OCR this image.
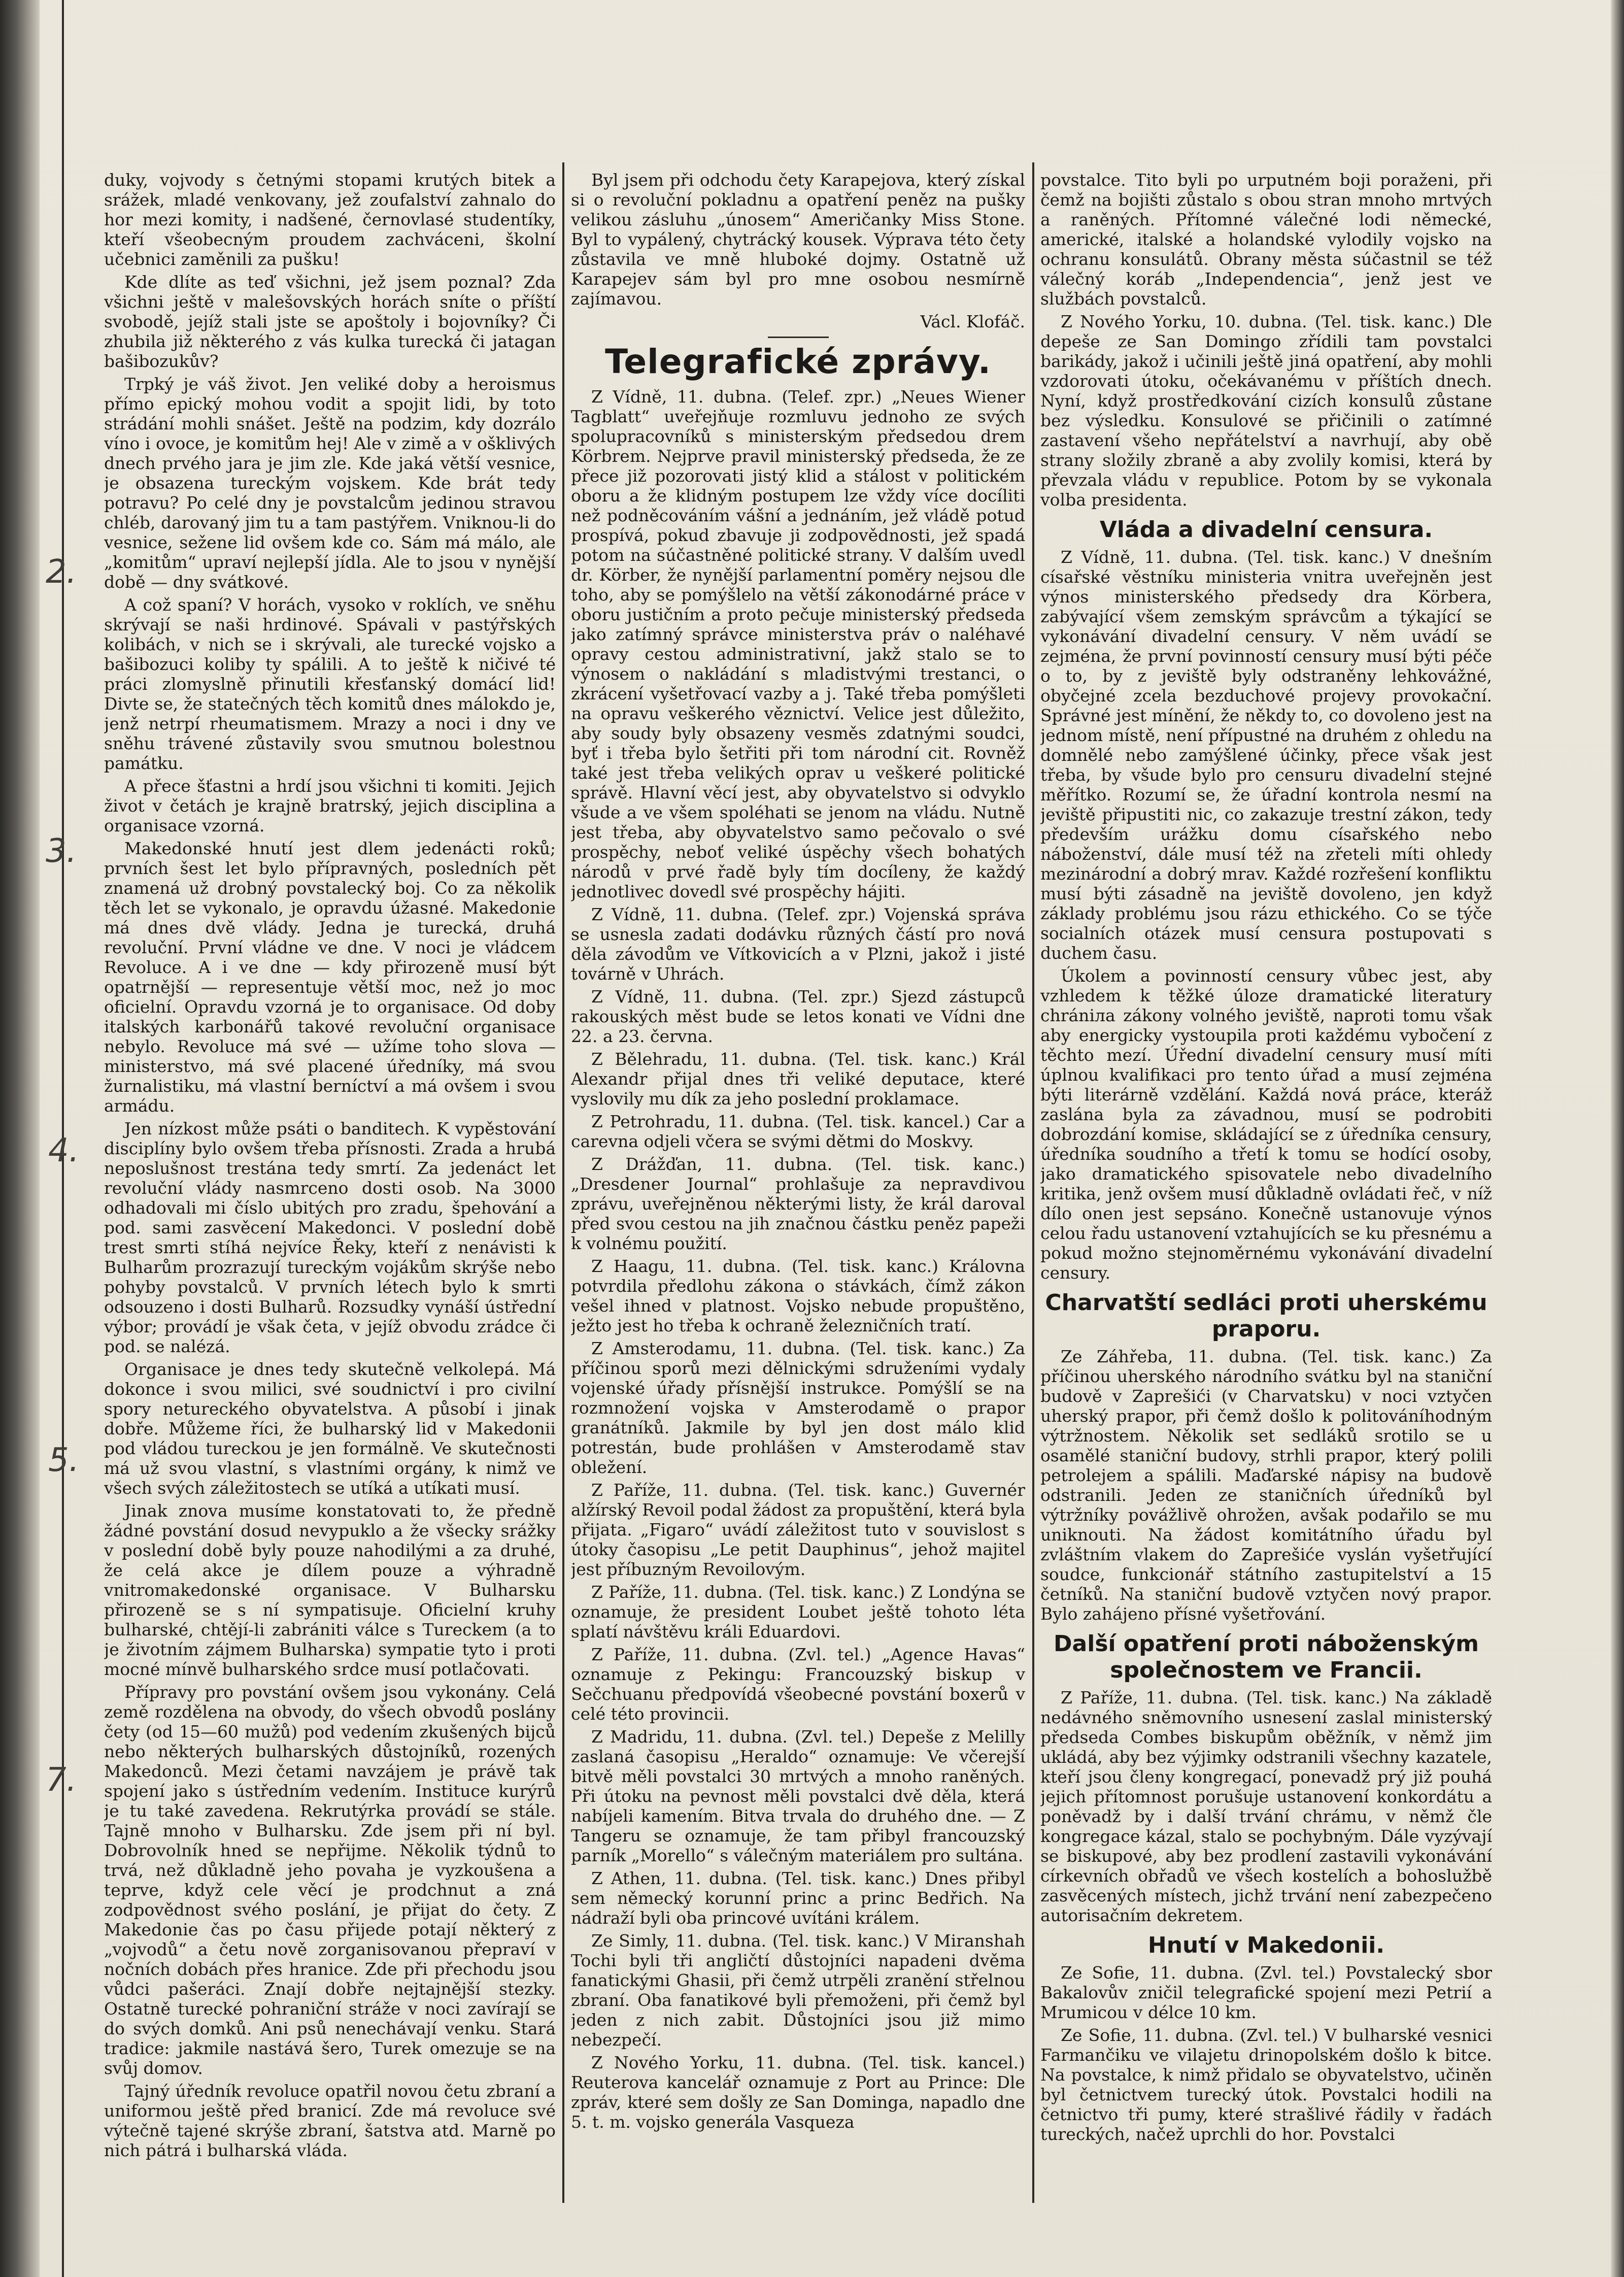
2.
3.
4.
5.
7.

duky, vojvody s četnými stopami krutých bitek a srážek, mladé venkovany, jež zoufalství zahnalo do hor mezi komity, i nadšené, černovlasé studentíky, kteří všeobecným proudem zachváceni, školní učebnici zaměnili za pušku!

Kde dlíte as teď všichni, jež jsem poznal? Zda všichni ještě v malešovských horách sníte o příští svobodě, jejíž stali jste se apoštoly i bojovníky? Či zhubila již některého z vás kulka turecká či jatagan bašibozukův?

Trpký je váš život. Jen veliké doby a heroismus přímo epický mohou vodit a spojit lidi, by toto strádání mohli snášet. Ještě na podzim, kdy dozrálo víno i ovoce, je komitům hej! Ale v zimě a v ošklivých dnech prvého jara je jim zle. Kde jaká větší vesnice, je obsazena tureckým vojskem. Kde brát tedy potravu? Po celé dny je povstalcům jedinou stravou chléb, darovaný jim tu a tam pastýřem. Vniknou-li do vesnice, sežene lid ovšem kde co. Sám má málo, ale „komitům“ upraví nejlepší jídla. Ale to jsou v nynější době — dny svátkové.

A což spaní? V horách, vysoko v roklích, ve sněhu skrývají se naši hrdinové. Spávali v pastýřských kolibách, v nich se i skrývali, ale turecké vojsko a bašibozuci koliby ty spálili. A to ještě k ničivé té práci zlomyslně přinutili křesťanský domácí lid! Divte se, že statečných těch komitů dnes málokdo je, jenž netrpí rheumatismem. Mrazy a noci i dny ve sněhu trávené zůstavily svou smutnou bolestnou památku.

A přece šťastni a hrdí jsou všichni ti komiti. Jejich život v četách je krajně bratrský, jejich disciplina a organisace vzorná.

Makedonské hnutí jest dlem jedenácti roků; prvních šest let bylo přípravných, posledních pět znamená už drobný povstalecký boj. Co za několik těch let se vykonalo, je opravdu úžasné. Makedonie má dnes dvě vlády. Jedna je turecká, druhá revoluční. První vládne ve dne. V noci je vládcem Revoluce. A i ve dne — kdy přirozeně musí být opatrnější — representuje větší moc, než jo moc oficielní. Opravdu vzorná je to organisace. Od doby italských karbonářů takové revoluční organisace nebylo. Revoluce má své — užíme toho slova — ministerstvo, má své placené úředníky, má svou žurnalistiku, má vlastní berníctví a má ovšem i svou armádu.

Jen nízkost může psáti o banditech. K vypěstování disciplíny bylo ovšem třeba přísnosti. Zrada a hrubá neposlušnost trestána tedy smrtí. Za jedenáct let revoluční vlády nasmrceno dosti osob. Na 3000 odhadovali mi číslo ubitých pro zradu, špehování a pod. sami zasvěcení Makedonci. V poslední době trest smrti stíhá nejvíce Řeky, kteří z nenávisti k Bulharům prozrazují tureckým vojákům skrýše nebo pohyby povstalců. V prvních létech bylo k smrti odsouzeno i dosti Bulharů. Rozsudky vynáší ústřední výbor; provádí je však četa, v jejíž obvodu zrádce či pod. se nalézá.

Organisace je dnes tedy skutečně velkolepá. Má dokonce i svou milici, své soudnictví i pro civilní spory netureckého obyvatelstva. A působí i jinak dobře. Můžeme říci, že bulharský lid v Makedonii pod vládou tureckou je jen formálně. Ve skutečnosti má už svou vlastní, s vlastními orgány, k nimž ve všech svých záležitostech se utíká a utíkati musí.

Jinak znova musíme konstatovati to, že předně žádné povstání dosud nevypuklo a že všecky srážky v poslední době byly pouze nahodilými a za druhé, že celá akce je dílem pouze a výhradně vnitromakedonské organisace. V Bulharsku přirozeně se s ní sympatisuje. Oficielní kruhy bulharské, chtějí-li zabrániti válce s Tureckem (a to je životním zájmem Bulharska) sympatie tyto i proti mocné mínvě bulharského srdce musí potlačovati.

Přípravy pro povstání ovšem jsou vykonány. Celá země rozdělena na obvody, do všech obvodů poslány čety (od 15—60 mužů) pod vedením zkušených bijců nebo některých bulharských důstojníků, rozených Makedonců. Mezi četami navzájem je právě tak spojení jako s ústředním vedením. Instituce kurýrů je tu také zavedena. Rekrutýrka provádí se stále. Tajně mnoho v Bulharsku. Zde jsem při ní byl. Dobrovolník hned se nepřijme. Několik týdnů to trvá, než důkladně jeho povaha je vyzkoušena a teprve, když cele věcí je prodchnut a zná zodpovědnost svého poslání, je přijat do čety. Z Makedonie čas po času přijede potají některý z „vojvodů“ a četu nově zorganisovanou přepraví v nočních dobách přes hranice. Zde při přechodu jsou vůdci pašeráci. Znají dobře nejtajnější stezky. Ostatně turecké pohraniční stráže v noci zavírají se do svých domků. Ani psů nenechávají venku. Stará tradice: jakmile nastává šero, Turek omezuje se na svůj domov.

Tajný úředník revoluce opatřil novou četu zbraní a uniformou ještě před branicí. Zde má revoluce své výtečně tajené skrýše zbraní, šatstva atd. Marně po nich pátrá i bulharská vláda.

Byl jsem při odchodu čety Karapejova, který získal si o revoluční pokladnu a opatření peněz na pušky velikou zásluhu „únosem“ Američanky Miss Stone. Byl to vypálený, chytrácký kousek. Výprava této čety zůstavila ve mně hluboké dojmy. Ostatně už Karapejev sám byl pro mne osobou nesmírně zajímavou.

Václ. Klofáč.

Telegrafické zprávy.

Z Vídně, 11. dubna. (Telef. zpr.) „Neues Wiener Tagblatt“ uveřejňuje rozmluvu jednoho ze svých spolupracovníků s ministerským předsedou drem Körbrem. Nejprve pravil ministerský předseda, že ze přece již pozorovati jistý klid a stálost v politickém oboru a že klidným postupem lze vždy více docíliti než podněcováním vášní a jednáním, jež vládě potud prospívá, pokud zbavuje ji zodpovědnosti, jež spadá potom na súčastněné politické strany. V dalším uvedl dr. Körber, že nynější parlamentní poměry nejsou dle toho, aby se pomýšlelo na větší zákonodárné práce v oboru justičním a proto pečuje ministerský předseda jako zatímný správce ministerstva práv o naléhavé opravy cestou administrativní, jakž stalo se to výnosem o nakládání s mladistvými trestanci, o zkrácení vyšetřovací vazby a j. Také třeba pomýšleti na opravu veškerého věznictví. Velice jest důležito, aby soudy byly obsazeny vesměs zdatnými soudci, byť i třeba bylo šetřiti při tom národní cit. Rovněž také jest třeba velikých oprav u veškeré politické správě. Hlavní věcí jest, aby obyvatelstvo si odvyklo všude a ve všem spoléhati se jenom na vládu. Nutně jest třeba, aby obyvatelstvo samo pečovalo o své prospěchy, neboť veliké úspěchy všech bohatých národů v prvé řadě byly tím docíleny, že každý jednotlivec dovedl své prospěchy hájiti.

Z Vídně, 11. dubna. (Telef. zpr.) Vojenská správa se usnesla zadati dodávku různých částí pro nová děla závodům ve Vítkovicích a v Plzni, jakož i jisté továrně v Uhrách.

Z Vídně, 11. dubna. (Tel. zpr.) Sjezd zástupců rakouských měst bude se letos konati ve Vídni dne 22. a 23. června.

Z Bělehradu, 11. dubna. (Tel. tisk. kanc.) Král Alexandr přijal dnes tři veliké deputace, které vyslovily mu dík za jeho poslední proklamace.

Z Petrohradu, 11. dubna. (Tel. tisk. kancel.) Car a carevna odjeli včera se svými dětmi do Moskvy.

Z Drážďan, 11. dubna. (Tel. tisk. kanc.) „Dresdener Journal“ prohlašuje za nepravdivou zprávu, uveřejněnou některými listy, že král daroval před svou cestou na jih značnou částku peněz papeži k volnému použití.

Z Haagu, 11. dubna. (Tel. tisk. kanc.) Královna potvrdila předlohu zákona o stávkách, čímž zákon vešel ihned v platnost. Vojsko nebude propuštěno, ježto jest ho třeba k ochraně železničních tratí.

Z Amsterodamu, 11. dubna. (Tel. tisk. kanc.) Za příčinou sporů mezi dělnickými sdruženími vydaly vojenské úřady přísnější instrukce. Pomýšlí se na rozmnožení vojska v Amsterodamě o prapor granátníků. Jakmile by byl jen dost málo klid potrestán, bude prohlášen v Amsterodamě stav obležení.

Z Paříže, 11. dubna. (Tel. tisk. kanc.) Guvernér alžírský Revoil podal žádost za propuštění, která byla přijata. „Figaro“ uvádí záležitost tuto v souvislost s útoky časopisu „Le petit Dauphinus“, jehož majitel jest příbuzným Revoilovým.

Z Paříže, 11. dubna. (Tel. tisk. kanc.) Z Londýna se oznamuje, že president Loubet ještě tohoto léta splatí návštěvu králi Eduardovi.

Z Paříže, 11. dubna. (Zvl. tel.) „Agence Havas“ oznamuje z Pekingu: Francouzský biskup v Sečchuanu předpovídá všeobecné povstání boxerů v celé této provincii.

Z Madridu, 11. dubna. (Zvl. tel.) Depeše z Melilly zaslaná časopisu „Heraldo“ oznamuje: Ve včerejší bitvě měli povstalci 30 mrtvých a mnoho raněných. Při útoku na pevnost měli povstalci dvě děla, která nabíjeli kamením. Bitva trvala do druhého dne. — Z Tangeru se oznamuje, že tam přibyl francouzský parník „Morello“ s válečným materiálem pro sultána.

Z Athen, 11. dubna. (Tel. tisk. kanc.) Dnes přibyl sem německý korunní princ a princ Bedřich. Na nádraží byli oba princové uvítáni králem.

Ze Simly, 11. dubna. (Tel. tisk. kanc.) V Miranshah Tochi byli tři angličtí důstojníci napadeni dvěma fanatickými Ghasii, při čemž utrpěli zranění střelnou zbraní. Oba fanatikové byli přemoženi, při čemž byl jeden z nich zabit. Důstojníci jsou již mimo nebezpečí.

Z Nového Yorku, 11. dubna. (Tel. tisk. kancel.) Reuterova kancelář oznamuje z Port au Prince: Dle zpráv, které sem došly ze San Dominga, napadlo dne 5. t. m. vojsko generála Vasqueza

povstalce. Tito byli po urputném boji poraženi, při čemž na bojišti zůstalo s obou stran mnoho mrtvých a raněných. Přítomné válečné lodi německé, americké, italské a holandské vylodily vojsko na ochranu konsulátů. Obrany města súčastnil se též válečný koráb „Independencia“, jenž jest ve službách povstalců.

Z Nového Yorku, 10. dubna. (Tel. tisk. kanc.) Dle depeše ze San Domingo zřídili tam povstalci barikády, jakož i učinili ještě jiná opatření, aby mohli vzdorovati útoku, očekávanému v příštích dnech. Nyní, když prostředkování cizích konsulů zůstane bez výsledku. Konsulové se přičinili o zatímné zastavení všeho nepřátelství a navrhují, aby obě strany složily zbraně a aby zvolily komisi, která by převzala vládu v republice. Potom by se vykonala volba presidenta.

Vláda a divadelní censura.

Z Vídně, 11. dubna. (Tel. tisk. kanc.) V dnešním císařské věstníku ministeria vnitra uveřejněn jest výnos ministerského předsedy dra Körbera, zabývající všem zemským správcům a týkající se vykonávání divadelní censury. V něm uvádí se zejména, že první povinností censury musí býti péče o to, by z jeviště byly odstraněny lehkovážné, obyčejné zcela bezduchové projevy provokační. Správné jest mínění, že někdy to, co dovoleno jest na jednom místě, není přípustné na druhém z ohledu na domnělé nebo zamýšlené účinky, přece však jest třeba, by všude bylo pro censuru divadelní stejné měřítko. Rozumí se, že úřadní kontrola nesmí na jeviště připustiti nic, co zakazuje trestní zákon, tedy především urážku domu císařského nebo náboženství, dále musí též na zřeteli míti ohledy mezinárodní a dobrý mrav. Každé rozřešení konfliktu musí býti zásadně na jeviště dovoleno, jen když základy problému jsou rázu ethického. Co se týče socialních otázek musí censura postupovati s duchem času.

Úkolem a povinností censury vůbec jest, aby vzhledem k těžké úloze dramatické literatury chrániла zákony volného jeviště, naproti tomu však aby energicky vystoupila proti každému vybočení z těchto mezí. Úřední divadelní censury musí míti úplnou kvalifikaci pro tento úřad a musí zejména býti literárně vzdělání. Každá nová práce, kteráž zaslána byla za závadnou, musí se podrobiti dobrozdání komise, skládající se z úředníka censury, úředníka soudního a třetí k tomu se hodící osoby, jako dramatického spisovatele nebo divadelního kritika, jenž ovšem musí důkladně ovládati řeč, v níž dílo onen jest sepsáno. Konečně ustanovuje výnos celou řadu ustanovení vztahujících se ku přesnému a pokud možno stejnoměrnému vykonávání divadelní censury.

Charvatští sedláci proti uherskému praporu.

Ze Záhřeba, 11. dubna. (Tel. tisk. kanc.) Za příčinou uherského národního svátku byl na staniční budově v Zaprešići (v Charvatsku) v noci vztyčen uherský prapor, při čemž došlo k politováníhodným výtržnostem. Několik set sedláků srotilo se u osamělé staniční budovy, strhli prapor, který polili petrolejem a spálili. Maďarské nápisy na budově odstranili. Jeden ze staničních úředníků byl výtržníky povážlivě ohrožen, avšak podařilo se mu uniknouti. Na žádost komitátního úřadu byl zvláštním vlakem do Zaprešiće vyslán vyšetřující soudce, funkcionář státního zastupitelství a 15 četníků. Na staniční budově vztyčen nový prapor. Bylo zahájeno přísné vyšetřování.

Další opatření proti náboženským společnostem ve Francii.

Z Paříže, 11. dubna. (Tel. tisk. kanc.) Na základě nedávného sněmovního usnesení zaslal ministerský předseda Combes biskupům oběžník, v němž jim ukládá, aby bez výjimky odstranili všechny kazatele, kteří jsou členy kongregací, ponevadž prý již pouhá jejich přítomnost porušuje ustanovení konkordátu a poněvadž by i další trvání chrámu, v němž čle kongregace kázal, stalo se pochybným. Dále vyzývají se biskupové, aby bez prodlení zastavili vykonávání církevních obřadů ve všech kostelích a bohoslužbě zasvěcených místech, jichž trvání není zabezpečeno autorisačním dekretem.

Hnutí v Makedonii.

Ze Sofie, 11. dubna. (Zvl. tel.) Povstalecký sbor Bakalovův zničil telegrafické spojení mezi Petrií a Mrumicou v délce 10 km.

Ze Sofie, 11. dubna. (Zvl. tel.) V bulharské vesnici Farmančiku ve vilajetu drinopolském došlo k bitce. Na povstalce, k nimž přidalo se obyvatelstvo, učiněn byl četnictvem turecký útok. Povstalci hodili na četnictvo tři pumy, které strašlivé řádily v řadách tureckých, načež uprchli do hor. Povstalci
